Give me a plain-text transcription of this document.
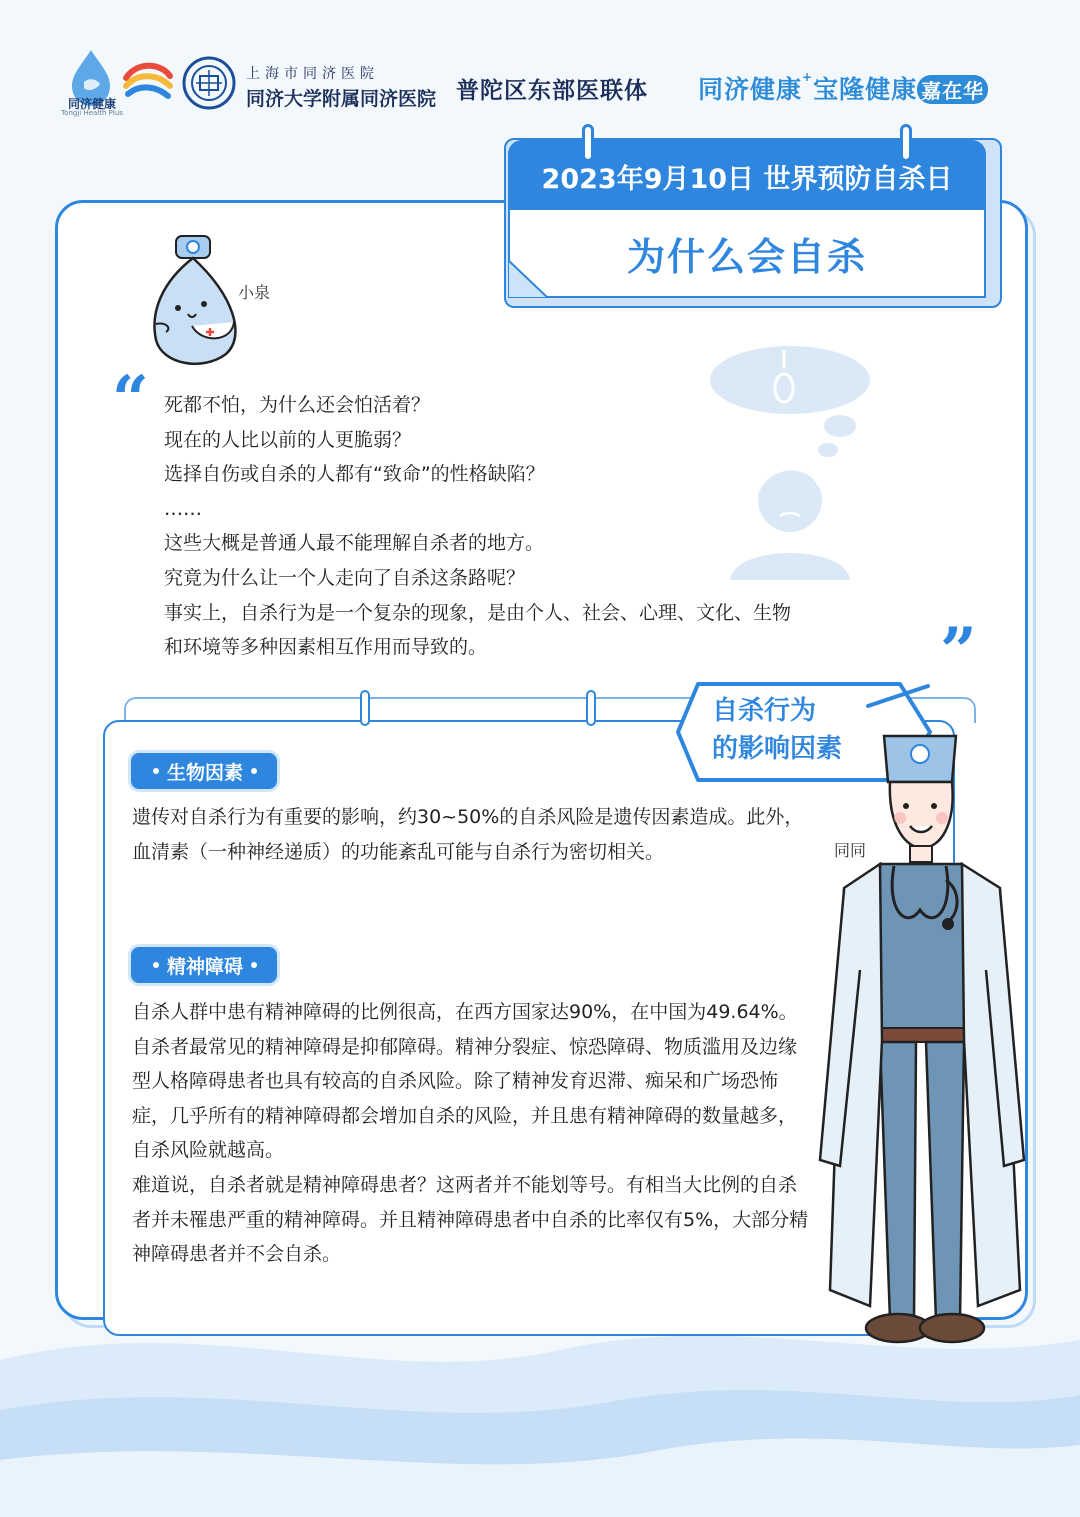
同济健康
Tongji Health Plus
上海市同济医院
同济大学附属同济医院 普陀区东部医联体 同济健康+宝隆健康 嘉在华
2023年9月10日 世界预防自杀日
为什么会自杀
小泉
“
”

死都不怕，为什么还会怕活着？

现在的人比以前的人更脆弱？

选择自伤或自杀的人都有“致命”的性格缺陷？

……

这些大概是普通人最不能理解自杀者的地方。

究竟为什么让一个人走向了自杀这条路呢？

事实上，自杀行为是一个复杂的现象，是由个人、社会、心理、文化、生物

和环境等多种因素相互作用而导致的。

自杀行为
的影响因素
生物因素

遗传对自杀行为有重要的影响，约30~50%的自杀风险是遗传因素造成。此外，血清素（一种神经递质）的功能紊乱可能与自杀行为密切相关。

精神障碍

自杀人群中患有精神障碍的比例很高，在西方国家达90%，在中国为49.64%。自杀者最常见的精神障碍是抑郁障碍。精神分裂症、惊恐障碍、物质滥用及边缘型人格障碍患者也具有较高的自杀风险。除了精神发育迟滞、痴呆和广场恐怖症，几乎所有的精神障碍都会增加自杀的风险，并且患有精神障碍的数量越多，自杀风险就越高。

难道说，自杀者就是精神障碍患者？这两者并不能划等号。有相当大比例的自杀者并未罹患严重的精神障碍。并且精神障碍患者中自杀的比率仅有5%，大部分精神障碍患者并不会自杀。

同同
